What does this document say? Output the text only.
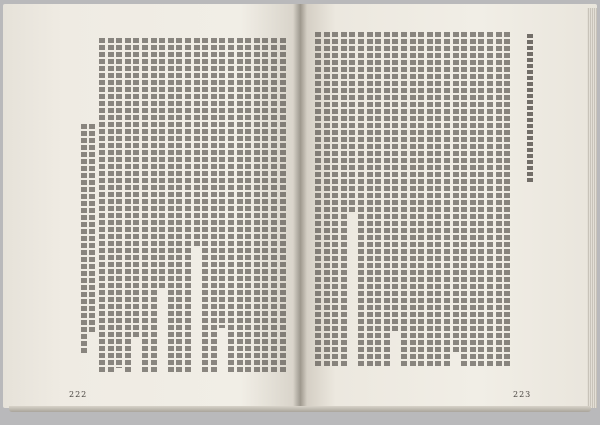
222	223
